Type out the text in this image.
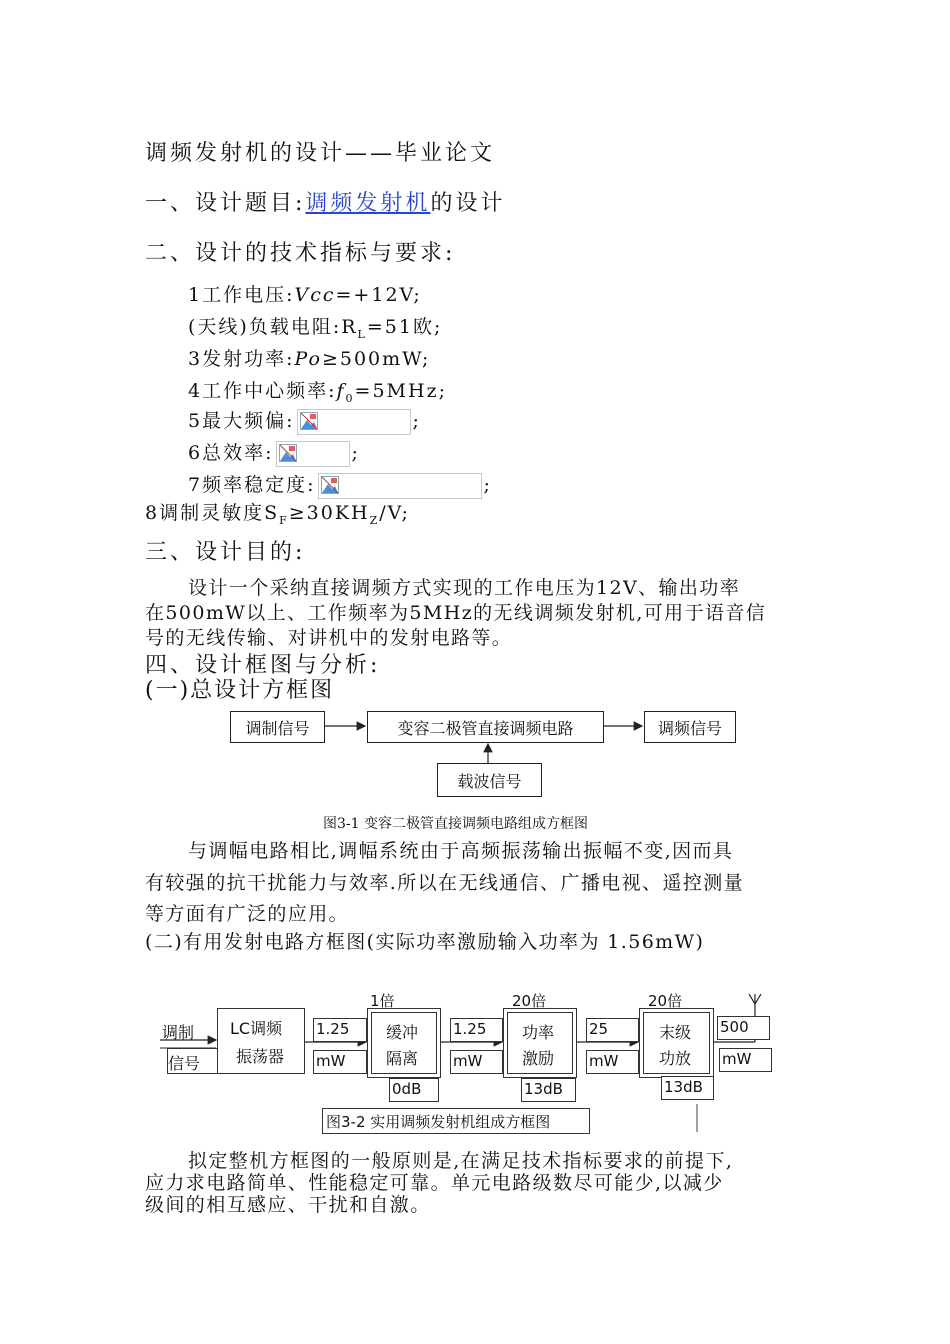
调频发射机的设计——毕业论文
一、设计题目:调频发射机的设计
二、设计的技术指标与要求:
1工作电压:Vcc=+12V;
(天线)负载电阻$:R_L=51$欧;
3发射功率:Po≥500mW;
4工作中心频率$:f_0=5MHz$;
5最大频偏:	;
6总效率:	;
7频率稳定度:	;
8调制灵敏度$S_F\ge 30KH_Z/V$;
三、设计目的:
设计一个采纳直接调频方式实现的工作电压为12V、输出功率
在500mW以上、工作频率为5MHz的无线调频发射机,可用于语音信
号的无线传输、对讲机中的发射电路等。
四、设计框图与分析:
(一)总设计方框图
调制信号	变容二极管直接调频电路	调频信号
载波信号
图3-1 变容二极管直接调频电路组成方框图
与调幅电路相比,调幅系统由于高频振荡输出振幅不变,因而具
有较强的抗干扰能力与效率.所以在无线通信、广播电视、遥控测量
等方面有广泛的应用。
(二)有用发射电路方框图(实际功率激励输入功率为 1.56mW)
LC调频
振荡器
缓冲
隔离
功率
激励
末级
功放
调制
信号
1倍	20倍	20倍
1.25
mW
1.25
mW
25
mW
500
mW
0dB	13dB	13dB
图3-2 实用调频发射机组成方框图
拟定整机方框图的一般原则是,在满足技术指标要求的前提下,
应力求电路简单、性能稳定可靠。单元电路级数尽可能少,以减少
级间的相互感应、干扰和自激。
